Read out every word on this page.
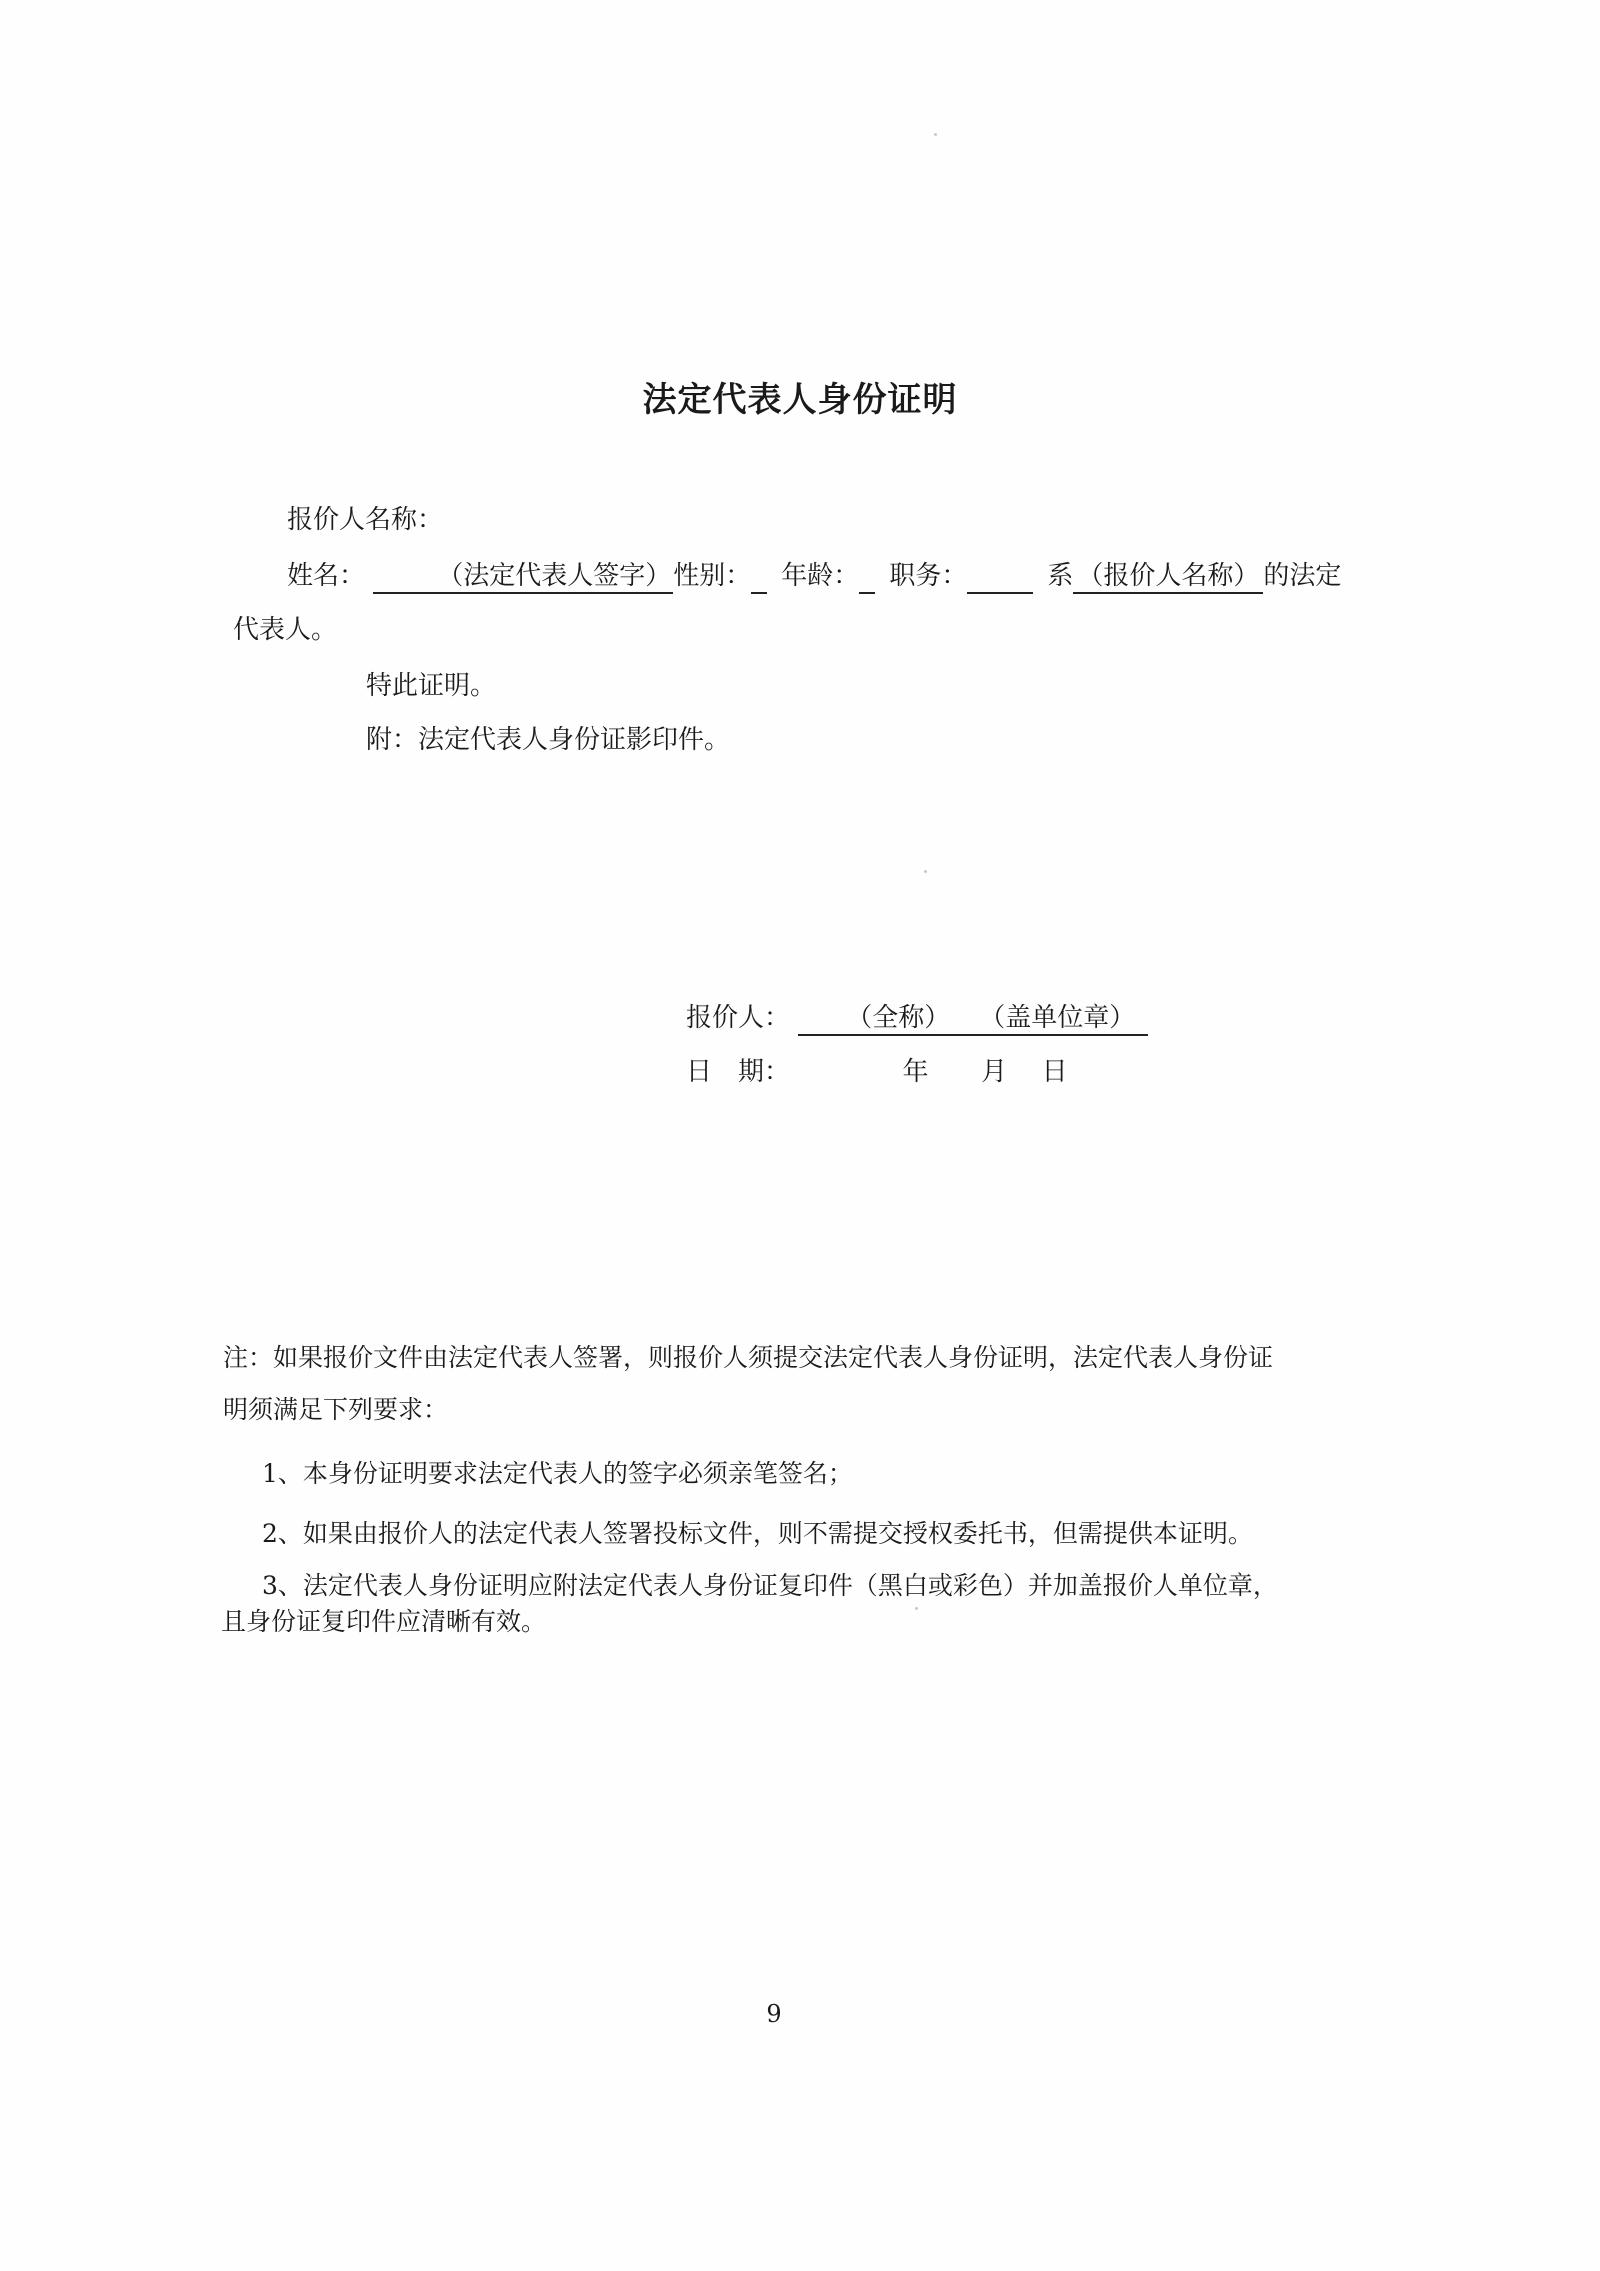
法定代表人身份证明
报价人名称：
姓名：	（法定代表人签字）性别： 年龄： 职务：	系 （报价人名称） 的法定
代表人。
特此证明。
附：法定代表人身份证影印件。
报价人： （全称） （盖单位章）
日　期：	年 月 日
注：如果报价文件由法定代表人签署，则报价人须提交法定代表人身份证明，法定代表人身份证
明须满足下列要求：
1、本身份证明要求法定代表人的签字必须亲笔签名；
2、如果由报价人的法定代表人签署投标文件，则不需提交授权委托书，但需提供本证明。
3、法定代表人身份证明应附法定代表人身份证复印件（黑白或彩色）并加盖报价人单位章，
且身份证复印件应清晰有效。
9
